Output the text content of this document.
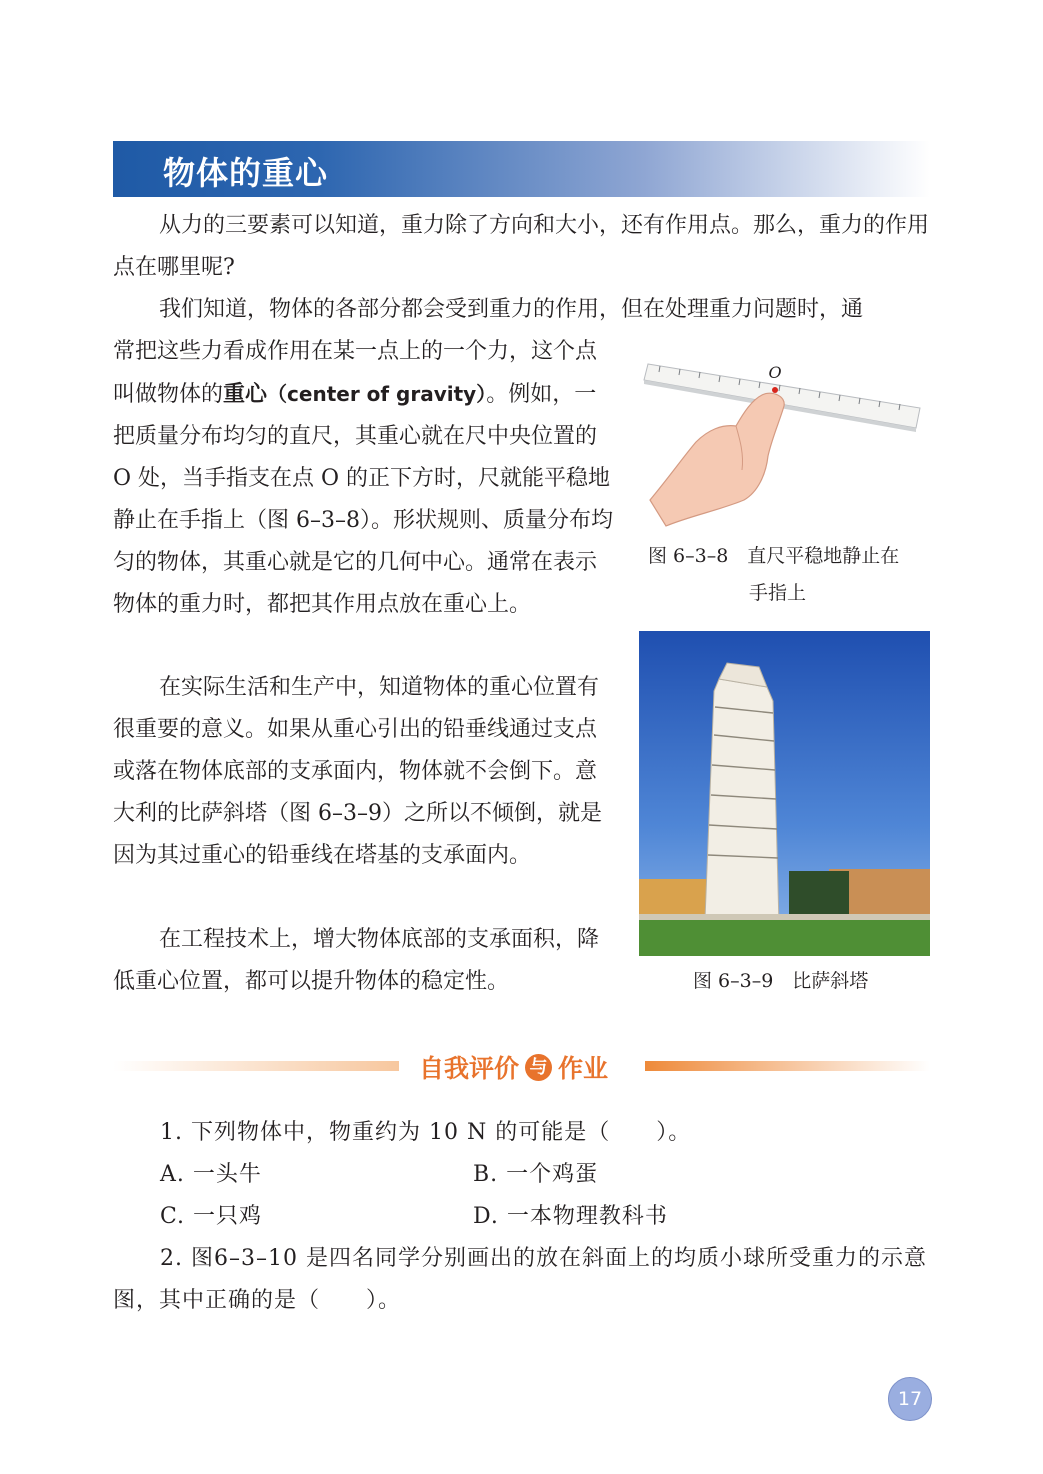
物体的重心

从力的三要素可以知道，重力除了方向和大小，还有作用点。那么，重力的作用点在哪里呢?

我们知道，物体的各部分都会受到重力的作用，但在处理重力问题时，通

常把这些力看成作用在某一点上的一个力，这个点叫做物体的重心（center of gravity）。例如，一把质量分布均匀的直尺，其重心就在尺中央位置的 O 处，当手指支在点 O 的正下方时，尺就能平稳地静止在手指上（图 6–3–8）。形状规则、质量分布均匀的物体，其重心就是它的几何中心。通常在表示物体的重力时，都把其作用点放在重心上。

O

图 6–3–8　直尺平稳地静止在

手指上

图 6–3–9　比萨斜塔

在实际生活和生产中，知道物体的重心位置有很重要的意义。如果从重心引出的铅垂线通过支点或落在物体底部的支承面内，物体就不会倒下。意大利的比萨斜塔（图 6–3–9）之所以不倾倒，就是因为其过重心的铅垂线在塔基的支承面内。

在工程技术上，增大物体底部的支承面积，降低重心位置，都可以提升物体的稳定性。

自我评价 与 作业

1. 下列物体中，物重约为 10 N 的可能是（　　）。

A. 一头牛	B. 一个鸡蛋

C. 一只鸡	D. 一本物理教科书

2. 图6–3–10 是四名同学分别画出的放在斜面上的均质小球所受重力的示意图，其中正确的是（　　）。

17
